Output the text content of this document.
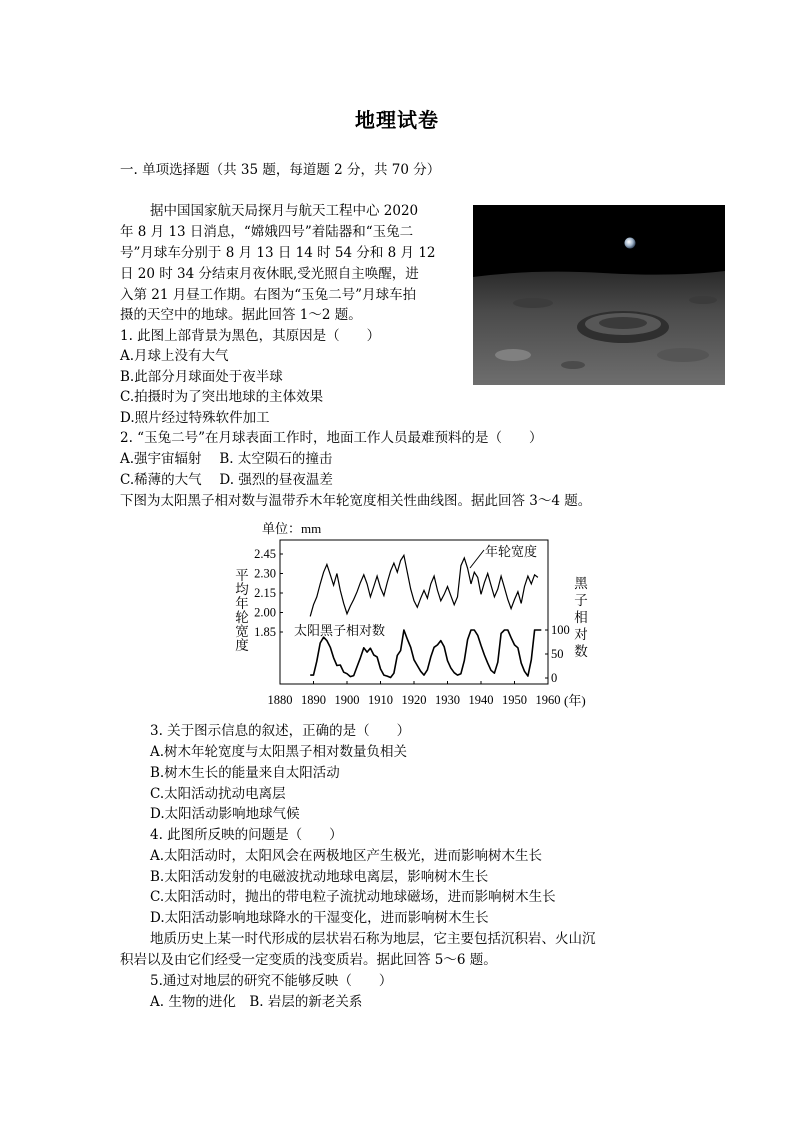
地理试卷
一. 单项选择题（共 35 题，每道题 2 分，共 70 分）
据中国国家航天局探月与航天工程中心 2020
年 8 月 13 日消息，“嫦娥四号”着陆器和“玉兔二
号”月球车分别于 8 月 13 日 14 时 54 分和 8 月 12
日 20 时 34 分结束月夜休眠,受光照自主唤醒，进
入第 21 月昼工作期。右图为“玉兔二号”月球车拍
摄的天空中的地球。据此回答 1～2 题。
1. 此图上部背景为黑色，其原因是（　　）
A.月球上没有大气
B.此部分月球面处于夜半球
C.拍摄时为了突出地球的主体效果
D.照片经过特殊软件加工
2. “玉兔二号”在月球表面工作时，地面工作人员最难预料的是（　　）
A.强宇宙辐射　 B. 太空陨石的撞击
C.稀薄的大气　 D. 强烈的昼夜温差
下图为太阳黑子相对数与温带乔木年轮宽度相关性曲线图。据此回答 3～4 题。
1880 1890 1900 1910 1920 1930 1940 1950 1960
2.45
2.30
2.15
2.00
1.85	100
50
0
平
均
年
轮
宽
度
黑
子
相
对
数
单位：mm
年轮宽度
太阳黑子相对数
(年)
3. 关于图示信息的叙述，正确的是（　　）
A.树木年轮宽度与太阳黑子相对数量负相关
B.树木生长的能量来自太阳活动
C.太阳活动扰动电离层
D.太阳活动影响地球气候
4. 此图所反映的问题是（　　）
A.太阳活动时，太阳风会在两极地区产生极光，进而影响树木生长
B.太阳活动发射的电磁波扰动地球电离层，影响树木生长
C.太阳活动时，抛出的带电粒子流扰动地球磁场，进而影响树木生长
D.太阳活动影响地球降水的干湿变化，进而影响树木生长
地质历史上某一时代形成的层状岩石称为地层，它主要包括沉积岩、火山沉
积岩以及由它们经受一定变质的浅变质岩。据此回答 5～6 题。
5.通过对地层的研究不能够反映（　　）
A. 生物的进化　B. 岩层的新老关系
